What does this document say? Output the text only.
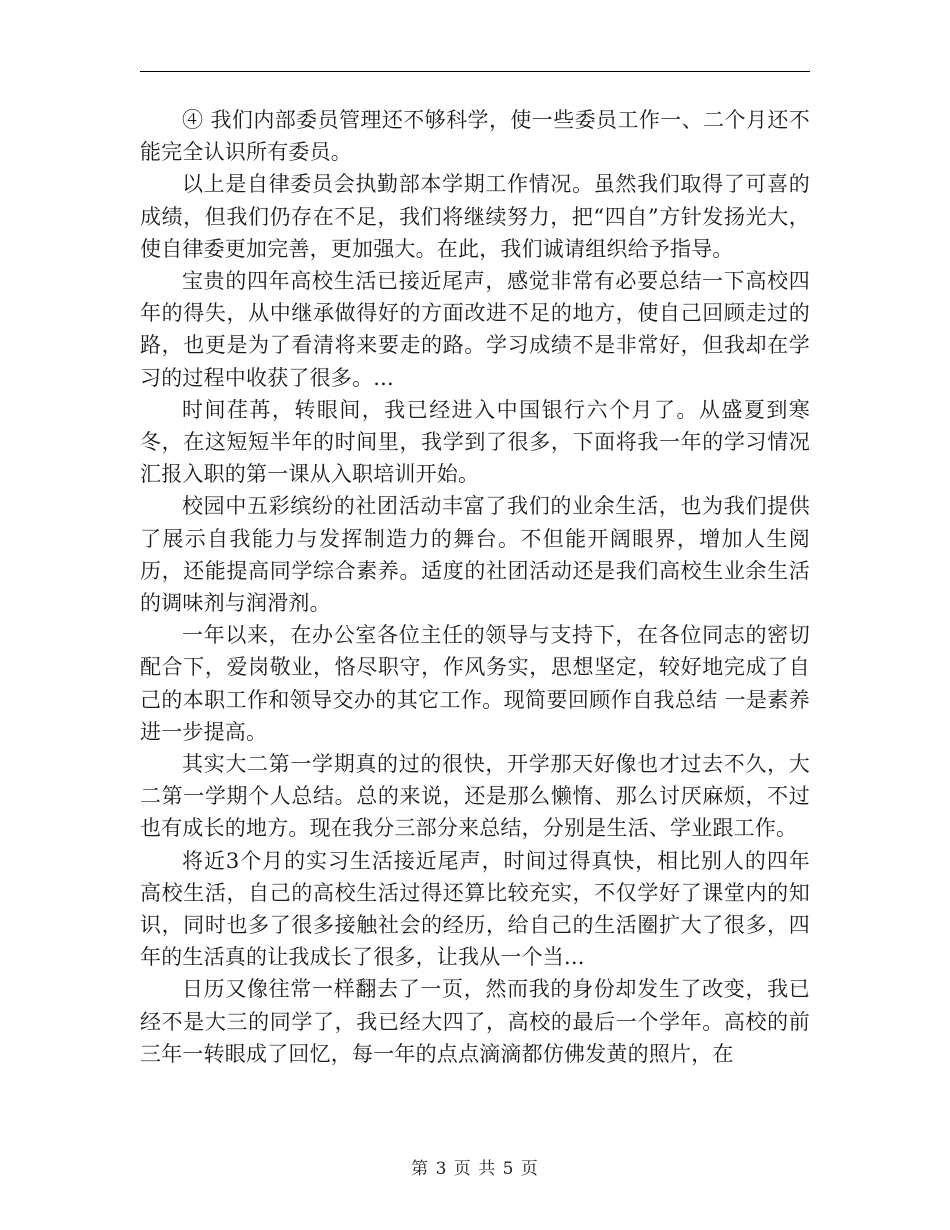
④ 我们内部委员管理还不够科学，使一些委员工作一、二个月还不能完全认识所有委员。

以上是自律委员会执勤部本学期工作情况。虽然我们取得了可喜的成绩，但我们仍存在不足，我们将继续努力，把“四自”方针发扬光大，使自律委更加完善，更加强大。在此，我们诚请组织给予指导。

宝贵的四年高校生活已接近尾声，感觉非常有必要总结一下高校四年的得失，从中继承做得好的方面改进不足的地方，使自己回顾走过的路，也更是为了看清将来要走的路。学习成绩不是非常好，但我却在学习的过程中收获了很多。...

时间荏苒，转眼间，我已经进入中国银行六个月了。从盛夏到寒冬，在这短短半年的时间里，我学到了很多，下面将我一年的学习情况汇报入职的第一课从入职培训开始。

校园中五彩缤纷的社团活动丰富了我们的业余生活，也为我们提供了展示自我能力与发挥制造力的舞台。不但能开阔眼界，增加人生阅历，还能提高同学综合素养。适度的社团活动还是我们高校生业余生活的调味剂与润滑剂。

一年以来，在办公室各位主任的领导与支持下，在各位同志的密切配合下，爱岗敬业，恪尽职守，作风务实，思想坚定，较好地完成了自己的本职工作和领导交办的其它工作。现简要回顾作自我总结 一是素养进一步提高。

其实大二第一学期真的过的很快，开学那天好像也才过去不久，大二第一学期个人总结。总的来说，还是那么懒惰、那么讨厌麻烦，不过也有成长的地方。现在我分三部分来总结，分别是生活、学业跟工作。

将近3个月的实习生活接近尾声，时间过得真快，相比别人的四年高校生活，自己的高校生活过得还算比较充实，不仅学好了课堂内的知识，同时也多了很多接触社会的经历，给自己的生活圈扩大了很多，四年的生活真的让我成长了很多，让我从一个当...

日历又像往常一样翻去了一页，然而我的身份却发生了改变，我已经不是大三的同学了，我已经大四了，高校的最后一个学年。高校的前三年一转眼成了回忆，每一年的点点滴滴都仿佛发黄的照片，在

第 3 页 共 5 页
